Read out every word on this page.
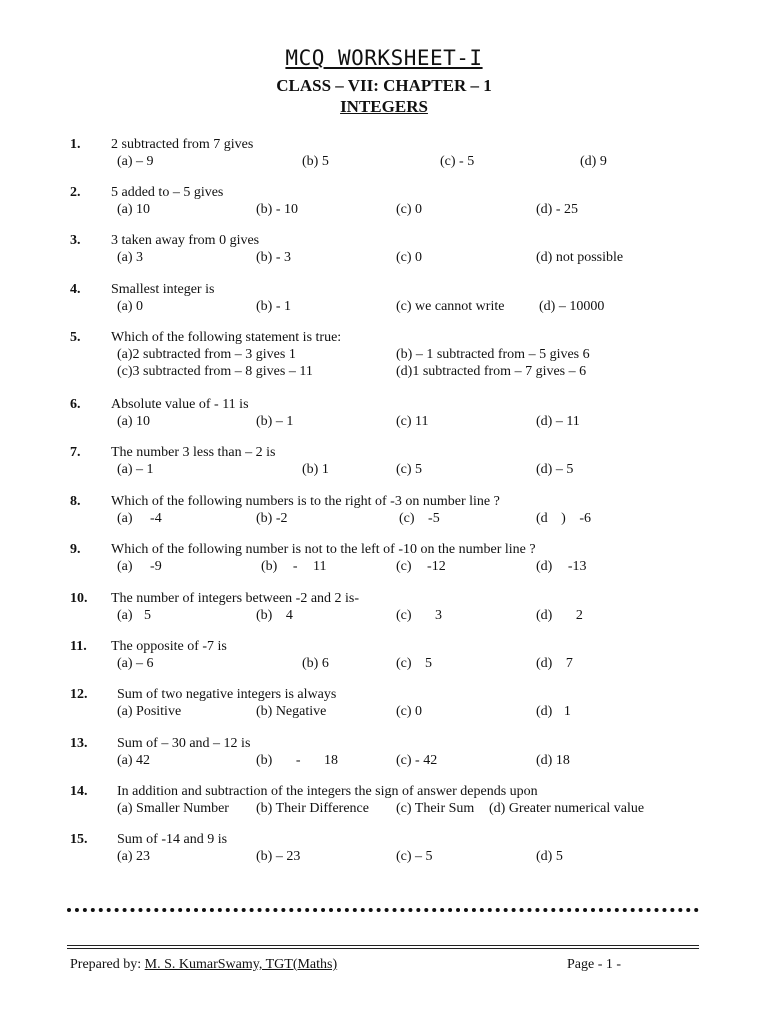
MCQ WORKSHEET-I
CLASS – VII: CHAPTER – 1
INTEGERS
1. 2 subtracted from 7 gives
(a) – 9	(b) 5	(c) - 5	(d) 9
2. 5 added to – 5 gives
(a) 10	(b) - 10	(c) 0	(d) - 25
3. 3 taken away from 0 gives
(a) 3	(b) - 3	(c) 0	(d) not possible
4. Smallest integer is
(a) 0	(b) - 1	(c) we cannot write (d) – 10000
5. Which of the following statement is true:
(a)2 subtracted from – 3 gives 1	(b) – 1 subtracted from – 5 gives 6
(c)3 subtracted from – 8 gives – 11	(d)1 subtracted from – 7 gives – 6
6. Absolute value of - 11 is
(a) 10	(b) – 1	(c) 11	(d) – 11
7. The number 3 less than – 2 is
(a) – 1	(b) 1	(c) 5	(d) – 5
8. Which of the following numbers is to the right of -3 on number line ?
(a) -4	(b) -2	(c) -5	(d ) -6
9. Which of the following number is not to the left of -10 on the number line ?
(a) -9	(b) - 11	(c) -12	(d) -13
10. The number of integers between -2 and 2 is-
(a) 5	(b) 4	(c) 3	(d) 2
11. The opposite of -7 is
(a) – 6	(b) 6	(c) 5	(d) 7
12. Sum of two negative integers is always
(a) Positive	(b) Negative	(c) 0	(d) 1
13. Sum of – 30 and – 12 is
(a) 42	(b) - 18	(c) - 42	(d) 18
14. In addition and subtraction of the integers the sign of answer depends upon
(a) Smaller Number (b) Their Difference (c) Their Sum (d) Greater numerical value
15. Sum of -14 and 9 is
(a) 23	(b) – 23	(c) – 5	(d) 5
Prepared by: M. S. KumarSwamy, TGT(Maths)	Page - 1 -
